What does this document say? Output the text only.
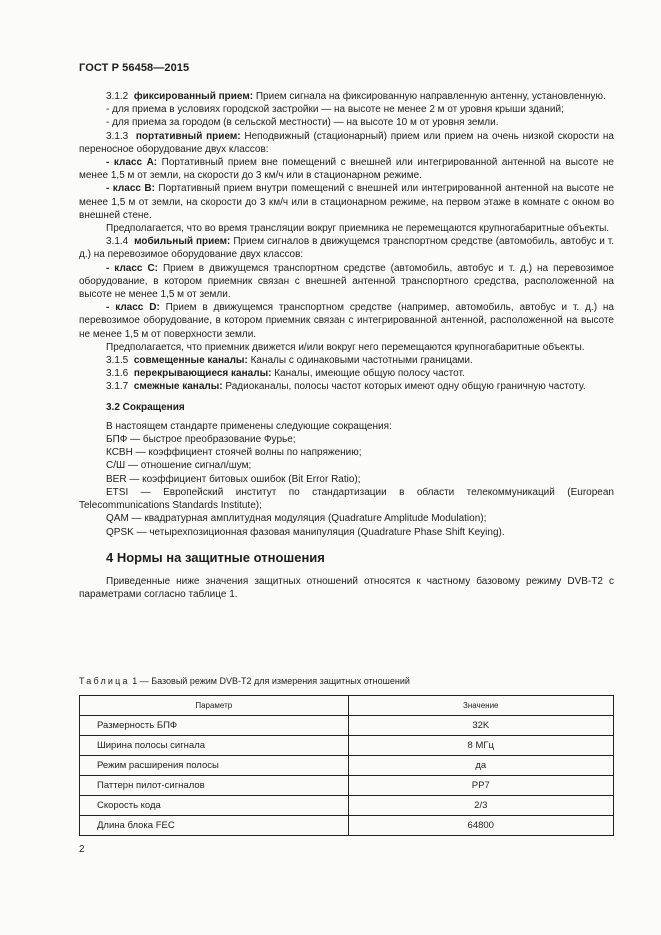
ГОСТ Р 56458—2015

3.1.2 фиксированный прием: Прием сигнала на фиксированную направленную антенну, установленную.

- для приема в условиях городской застройки — на высоте не менее 2 м от уровня крыши зданий;

- для приема за городом (в сельской местности) — на высоте 10 м от уровня земли.

3.1.3 портативный прием: Неподвижный (стационарный) прием или прием на очень низкой скорости на переносное оборудование двух классов:

- класс А: Портативный прием вне помещений с внешней или интегрированной антенной на высоте не менее 1,5 м от земли, на скорости до 3 км/ч или в стационарном режиме.

- класс В: Портативный прием внутри помещений с внешней или интегрированной антенной на высоте не менее 1,5 м от земли, на скорости до 3 км/ч или в стационарном режиме, на первом этаже в комнате с окном во внешней стене.

Предполагается, что во время трансляции вокруг приемника не перемещаются крупногабаритные объекты.

3.1.4 мобильный прием: Прием сигналов в движущемся транспортном средстве (автомобиль, автобус и т. д.) на перевозимое оборудование двух классов:

- класс С: Прием в движущемся транспортном средстве (автомобиль, автобус и т. д.) на перевозимое оборудование, в котором приемник связан с внешней антенной транспортного средства, расположенной на высоте не менее 1,5 м от земли.

- класс D: Прием в движущемся транспортном средстве (например, автомобиль, автобус и т. д.) на перевозимое оборудование, в котором приемник связан с интегрированной антенной, расположенной на высоте не менее 1,5 м от поверхности земли.

Предполагается, что приемник движется и/или вокруг него перемещаются крупногабаритные объекты.

3.1.5 совмещенные каналы: Каналы с одинаковыми частотными границами.

3.1.6 перекрывающиеся каналы: Каналы, имеющие общую полосу частот.

3.1.7 смежные каналы: Радиоканалы, полосы частот которых имеют одну общую граничную частоту.

3.2 Сокращения

В настоящем стандарте применены следующие сокращения:

БПФ — быстрое преобразование Фурье;

КСВН — коэффициент стоячей волны по напряжению;

С/Ш — отношение сигнал/шум;

BER — коэффициент битовых ошибок (Bit Error Ratio);

ETSI — Европейский институт по стандартизации в области телекоммуникаций (European Telecommunications Standards Institute);

QAM — квадратурная амплитудная модуляция (Quadrature Amplitude Modulation);

QPSK — четырехпозиционная фазовая манипуляция (Quadrature Phase Shift Keying).

4 Нормы на защитные отношения

Приведенные ниже значения защитных отношений относятся к частному базовому режиму DVB-T2 с параметрами согласно таблице 1.

Таблица 1 — Базовый режим DVB-T2 для измерения защитных отношений
Параметр	Значение
Размерность БПФ	32K
Ширина полосы сигнала	8 МГц
Режим расширения полосы	да
Паттерн пилот-сигналов	PP7
Скорость кода	2/3
Длина блока FEC	64800
2
